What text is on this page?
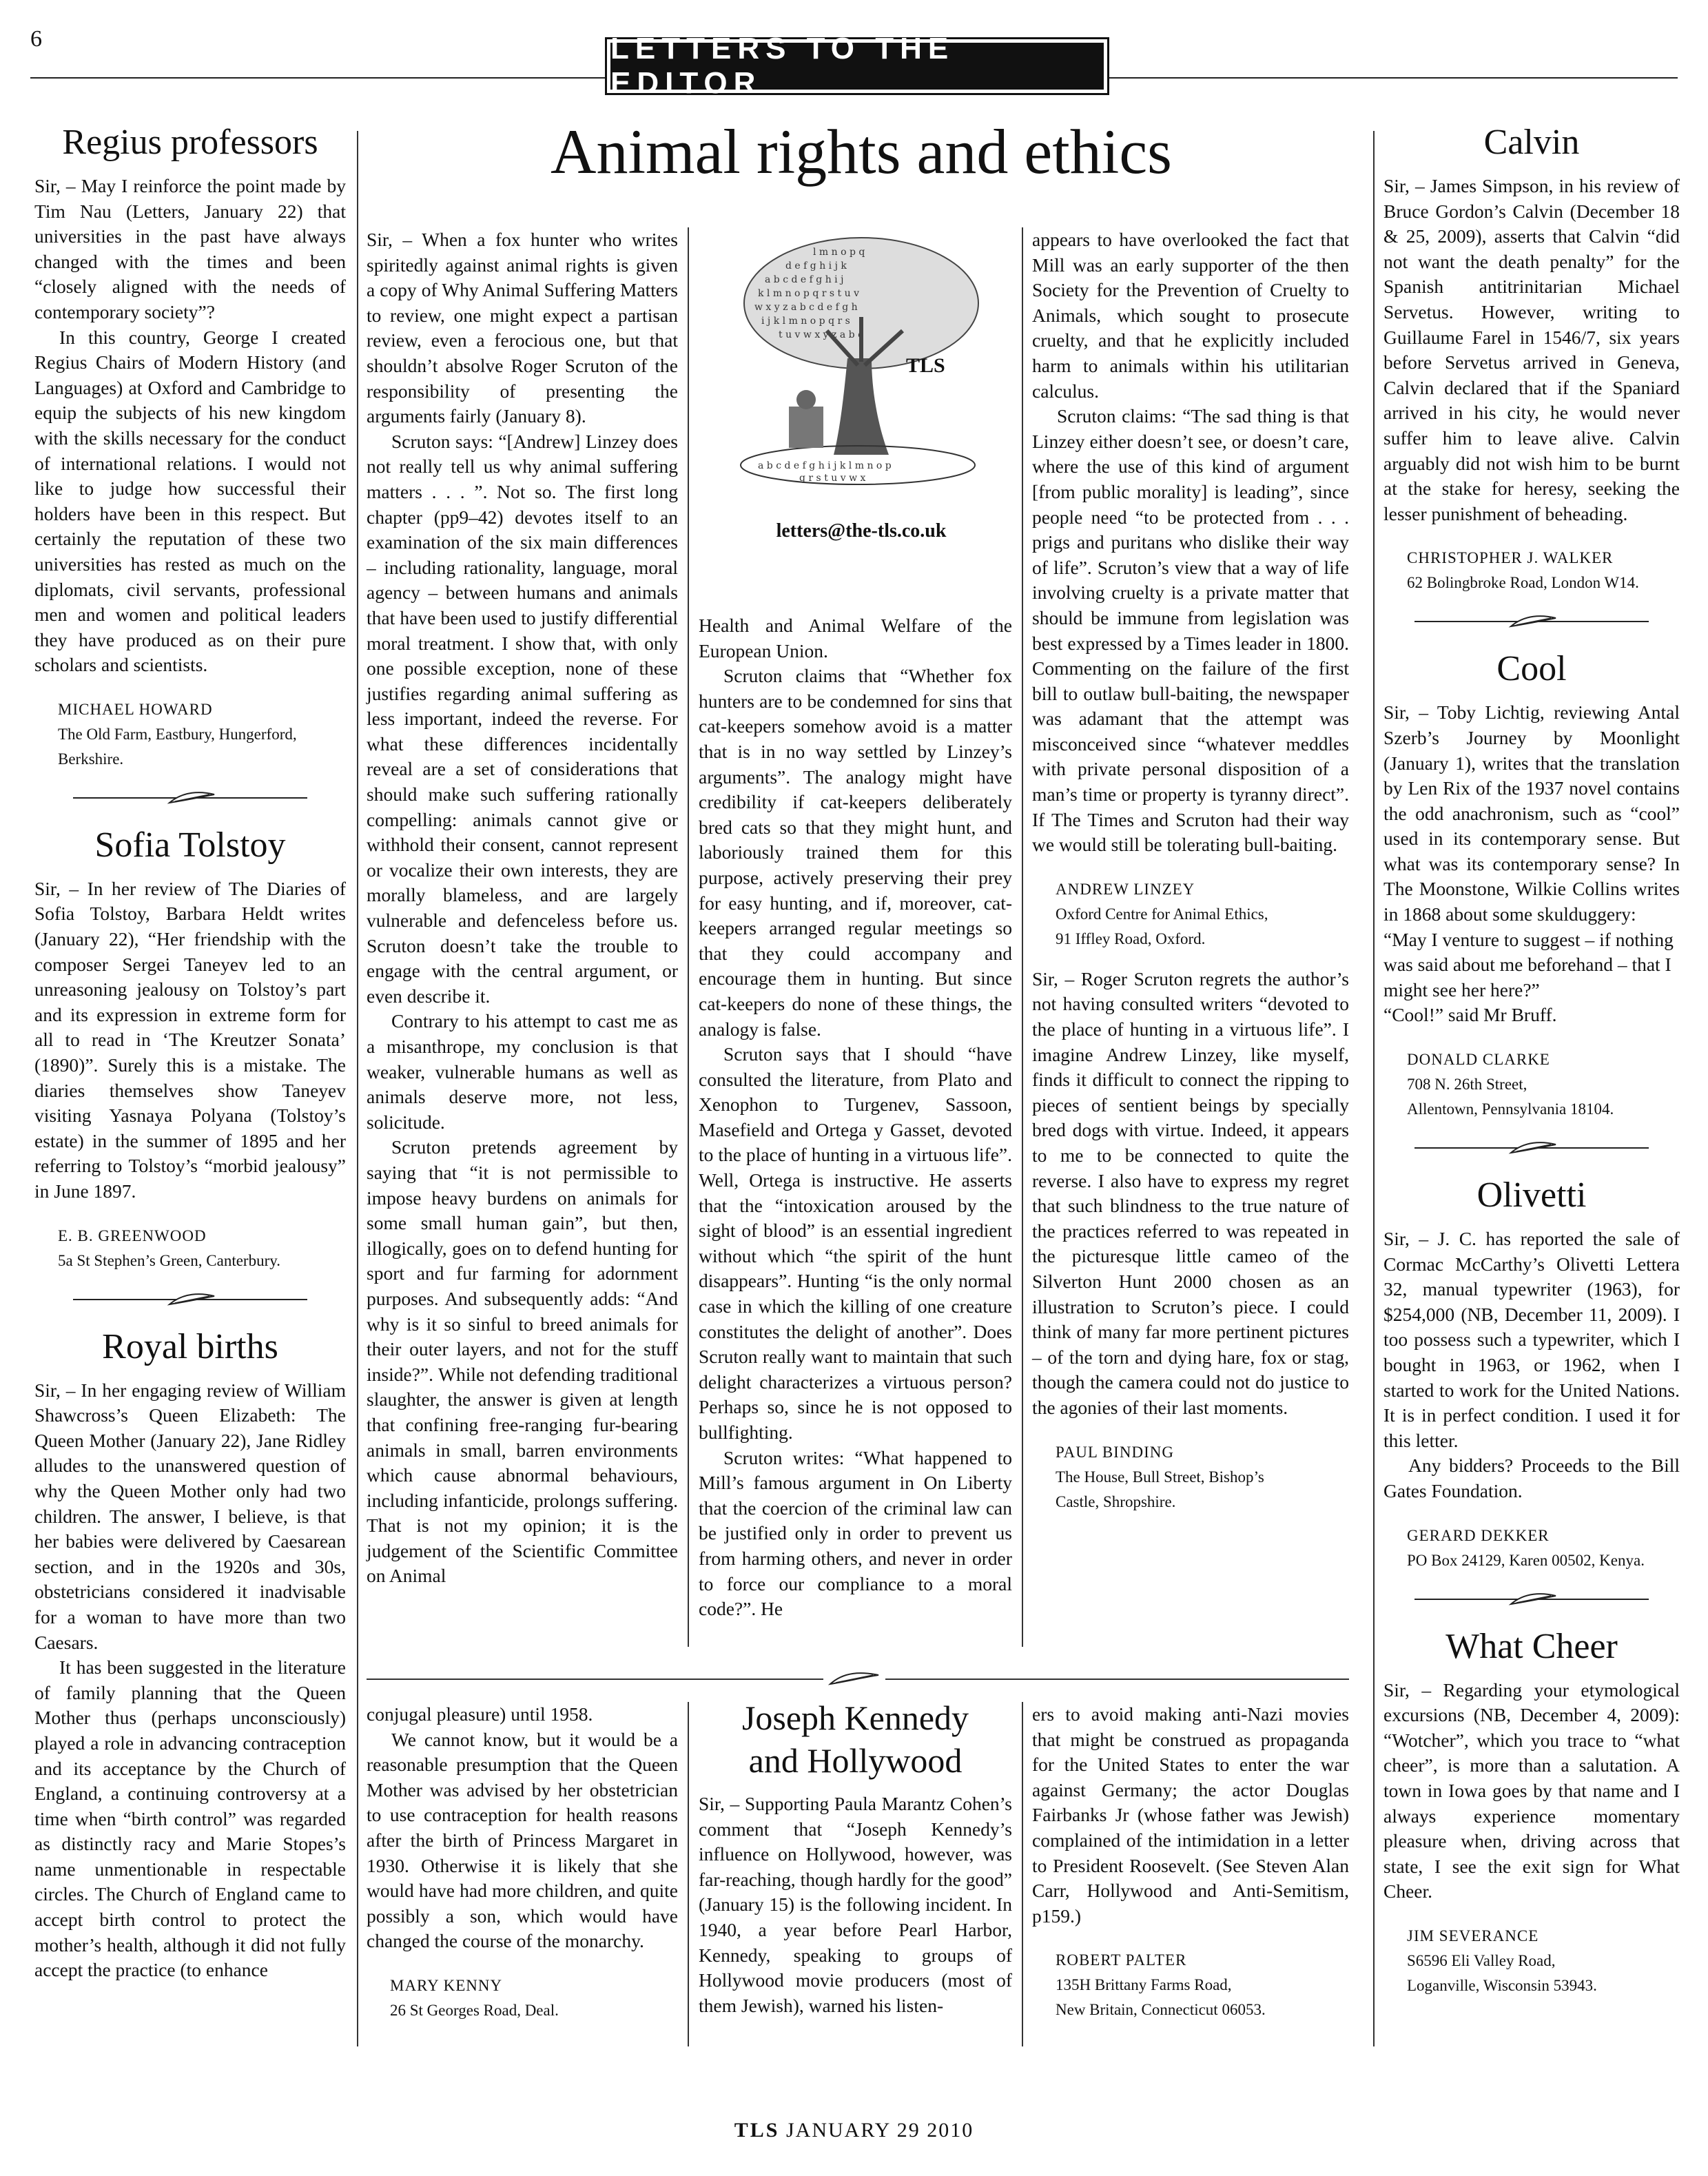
6	LETTERS TO THE EDITOR
Animal rights and ethics
a b c d e f g h i j
k l m n o p q r s t u v
w x y z a b c d e f g h
i j k l m n o p q r s
t u v w x y z a b c
d e f g h i j k
l m n o p q
a b c d e f g h i j k l m n o p
q r s t u v w x
TLS
letters@the-tls.co.uk
Regius professors

Sir, – May I reinforce the point made by Tim Nau (Letters, January 22) that universities in the past have always changed with the times and been “closely aligned with the needs of contemporary society”?

In this country, George I created Regius Chairs of Modern History (and Languages) at Oxford and Cambridge to equip the subjects of his new kingdom with the skills necessary for the conduct of international relations. I would not like to judge how successful their holders have been in this respect. But certainly the reputation of these two universities has rested as much on the diplomats, civil servants, professional men and women and political leaders they have produced as on their pure scholars and scientists.

MICHAEL HOWARD
The Old Farm, Eastbury, Hungerford,
Berkshire.
Sofia Tolstoy

Sir, – In her review of The Diaries of Sofia Tolstoy, Barbara Heldt writes (January 22), “Her friendship with the composer Sergei Taneyev led to an unreasoning jealousy on Tolstoy’s part and its expression in extreme form for all to read in ‘The Kreutzer Sonata’ (1890)”. Surely this is a mistake. The diaries themselves show Taneyev visiting Yasnaya Polyana (Tolstoy’s estate) in the summer of 1895 and her referring to Tolstoy’s “morbid jealousy” in June 1897.

E. B. GREENWOOD
5a St Stephen’s Green, Canterbury.
Royal births

Sir, – In her engaging review of William Shawcross’s Queen Elizabeth: The Queen Mother (January 22), Jane Ridley alludes to the unanswered question of why the Queen Mother only had two children. The answer, I believe, is that her babies were delivered by Caesarean section, and in the 1920s and 30s, obstetricians considered it inadvisable for a woman to have more than two Caesars.

It has been suggested in the literature of family planning that the Queen Mother thus (perhaps unconsciously) played a role in advancing contraception and its acceptance by the Church of England, a continuing controversy at a time when “birth control” was regarded as distinctly racy and Marie Stopes’s name unmentionable in respectable circles. The Church of England came to accept birth control to protect the mother’s health, although it did not fully accept the practice (to enhance

Sir, – When a fox hunter who writes spiritedly against animal rights is given a copy of Why Animal Suffering Matters to review, one might expect a partisan review, even a ferocious one, but that shouldn’t absolve Roger Scruton of the responsibility of presenting the arguments fairly (January 8).

Scruton says: “[Andrew] Linzey does not really tell us why animal suffering matters . . . ”. Not so. The first long chapter (pp9–42) devotes itself to an examination of the six main differences – including rationality, language, moral agency – between humans and animals that have been used to justify differential moral treatment. I show that, with only one possible exception, none of these justifies regarding animal suffering as less important, indeed the reverse. For what these differences incidentally reveal are a set of considerations that should make such suffering rationally compelling: animals cannot give or withhold their consent, cannot represent or vocalize their own interests, they are morally blameless, and are largely vulnerable and defenceless before us. Scruton doesn’t take the trouble to engage with the central argument, or even describe it.

Contrary to his attempt to cast me as a misanthrope, my conclusion is that weaker, vulnerable humans as well as animals deserve more, not less, solicitude.

Scruton pretends agreement by saying that “it is not permissible to impose heavy burdens on animals for some small human gain”, but then, illogically, goes on to defend hunting for sport and fur farming for adornment purposes. And subsequently adds: “And why is it so sinful to breed animals for their outer layers, and not for the stuff inside?”. While not defending traditional slaughter, the answer is given at length that confining free-ranging fur-bearing animals in small, barren environments which cause abnormal behaviours, including infanticide, prolongs suffering. That is not my opinion; it is the judgement of the Scientific Committee on Animal

Health and Animal Welfare of the European Union.

Scruton claims that “Whether fox hunters are to be condemned for sins that cat-keepers somehow avoid is a matter that is in no way settled by Linzey’s arguments”. The analogy might have credibility if cat-keepers deliberately bred cats so that they might hunt, and laboriously trained them for this purpose, actively preserving their prey for easy hunting, and if, moreover, cat-keepers arranged regular meetings so that they could accompany and encourage them in hunting. But since cat-keepers do none of these things, the analogy is false.

Scruton says that I should “have consulted the literature, from Plato and Xenophon to Turgenev, Sassoon, Masefield and Ortega y Gasset, devoted to the place of hunting in a virtuous life”. Well, Ortega is instructive. He asserts that the “intoxication aroused by the sight of blood” is an essential ingredient without which “the spirit of the hunt disappears”. Hunting “is the only normal case in which the killing of one creature constitutes the delight of another”. Does Scruton really want to maintain that such delight characterizes a virtuous person? Perhaps so, since he is not opposed to bullfighting.

Scruton writes: “What happened to Mill’s famous argument in On Liberty that the coercion of the criminal law can be justified only in order to prevent us from harming others, and never in order to force our compliance to a moral code?”. He

appears to have overlooked the fact that Mill was an early supporter of the then Society for the Prevention of Cruelty to Animals, which sought to prosecute cruelty, and that he explicitly included harm to animals within his utilitarian calculus.

Scruton claims: “The sad thing is that Linzey either doesn’t see, or doesn’t care, where the use of this kind of argument [from public morality] is leading”, since people need “to be protected from . . . prigs and puritans who dislike their way of life”. Scruton’s view that a way of life involving cruelty is a private matter that should be immune from legislation was best expressed by a Times leader in 1800. Commenting on the failure of the first bill to outlaw bull-baiting, the newspaper was adamant that the attempt was misconceived since “whatever meddles with private personal disposition of a man’s time or property is tyranny direct”. If The Times and Scruton had their way we would still be tolerating bull-baiting.

ANDREW LINZEY
Oxford Centre for Animal Ethics,
91 Iffley Road, Oxford.

Sir, – Roger Scruton regrets the author’s not having consulted writers “devoted to the place of hunting in a virtuous life”. I imagine Andrew Linzey, like myself, finds it difficult to connect the ripping to pieces of sentient beings by specially bred dogs with virtue. Indeed, it appears to me to be connected to quite the reverse. I also have to express my regret that such blindness to the true nature of the practices referred to was repeated in the picturesque little cameo of the Silverton Hunt 2000 chosen as an illustration to Scruton’s piece. I could think of many far more pertinent pictures – of the torn and dying hare, fox or stag, though the camera could not do justice to the agonies of their last moments.

PAUL BINDING
The House, Bull Street, Bishop’s
Castle, Shropshire.

conjugal pleasure) until 1958.

We cannot know, but it would be a reasonable presumption that the Queen Mother was advised by her obstetrician to use contraception for health reasons after the birth of Princess Margaret in 1930. Otherwise it is likely that she would have had more children, and quite possibly a son, which would have changed the course of the monarchy.

MARY KENNY
26 St Georges Road, Deal.
Joseph Kennedy
and Hollywood

Sir, – Supporting Paula Marantz Cohen’s comment that “Joseph Kennedy’s influence on Hollywood, however, was far-reaching, though hardly for the good” (January 15) is the following incident. In 1940, a year before Pearl Harbor, Kennedy, speaking to groups of Hollywood movie producers (most of them Jewish), warned his listen-

ers to avoid making anti-Nazi movies that might be construed as propaganda for the United States to enter the war against Germany; the actor Douglas Fairbanks Jr (whose father was Jewish) complained of the intimidation in a letter to President Roosevelt. (See Steven Alan Carr, Hollywood and Anti-Semitism, p159.)

ROBERT PALTER
135H Brittany Farms Road,
New Britain, Connecticut 06053.
Calvin

Sir, – James Simpson, in his review of Bruce Gordon’s Calvin (December 18 & 25, 2009), asserts that Calvin “did not want the death penalty” for the Spanish antitrinitarian Michael Servetus. However, writing to Guillaume Farel in 1546/7, six years before Servetus arrived in Geneva, Calvin declared that if the Spaniard arrived in his city, he would never suffer him to leave alive. Calvin arguably did not wish him to be burnt at the stake for heresy, seeking the lesser punishment of beheading.

CHRISTOPHER J. WALKER
62 Bolingbroke Road, London W14.
Cool

Sir, – Toby Lichtig, reviewing Antal Szerb’s Journey by Moonlight (January 1), writes that the translation by Len Rix of the 1937 novel contains the odd anachronism, such as “cool” used in its contemporary sense. But what was its contemporary sense? In The Moonstone, Wilkie Collins writes in 1868 about some skulduggery:

“May I venture to suggest – if nothing was said about me beforehand – that I might see her here?”

“Cool!” said Mr Bruff.

DONALD CLARKE
708 N. 26th Street,
Allentown, Pennsylvania 18104.
Olivetti

Sir, – J. C. has reported the sale of Cormac McCarthy’s Olivetti Lettera 32, manual typewriter (1963), for $254,000 (NB, December 11, 2009). I too possess such a typewriter, which I bought in 1963, or 1962, when I started to work for the United Nations. It is in perfect condition. I used it for this letter.

Any bidders? Proceeds to the Bill Gates Foundation.

GERARD DEKKER
PO Box 24129, Karen 00502, Kenya.
What Cheer

Sir, – Regarding your etymological excursions (NB, December 4, 2009): “Wotcher”, which you trace to “what cheer”, is more than a salutation. A town in Iowa goes by that name and I always experience momentary pleasure when, driving across that state, I see the exit sign for What Cheer.

JIM SEVERANCE
S6596 Eli Valley Road,
Loganville, Wisconsin 53943.
TLS JANUARY 29 2010
